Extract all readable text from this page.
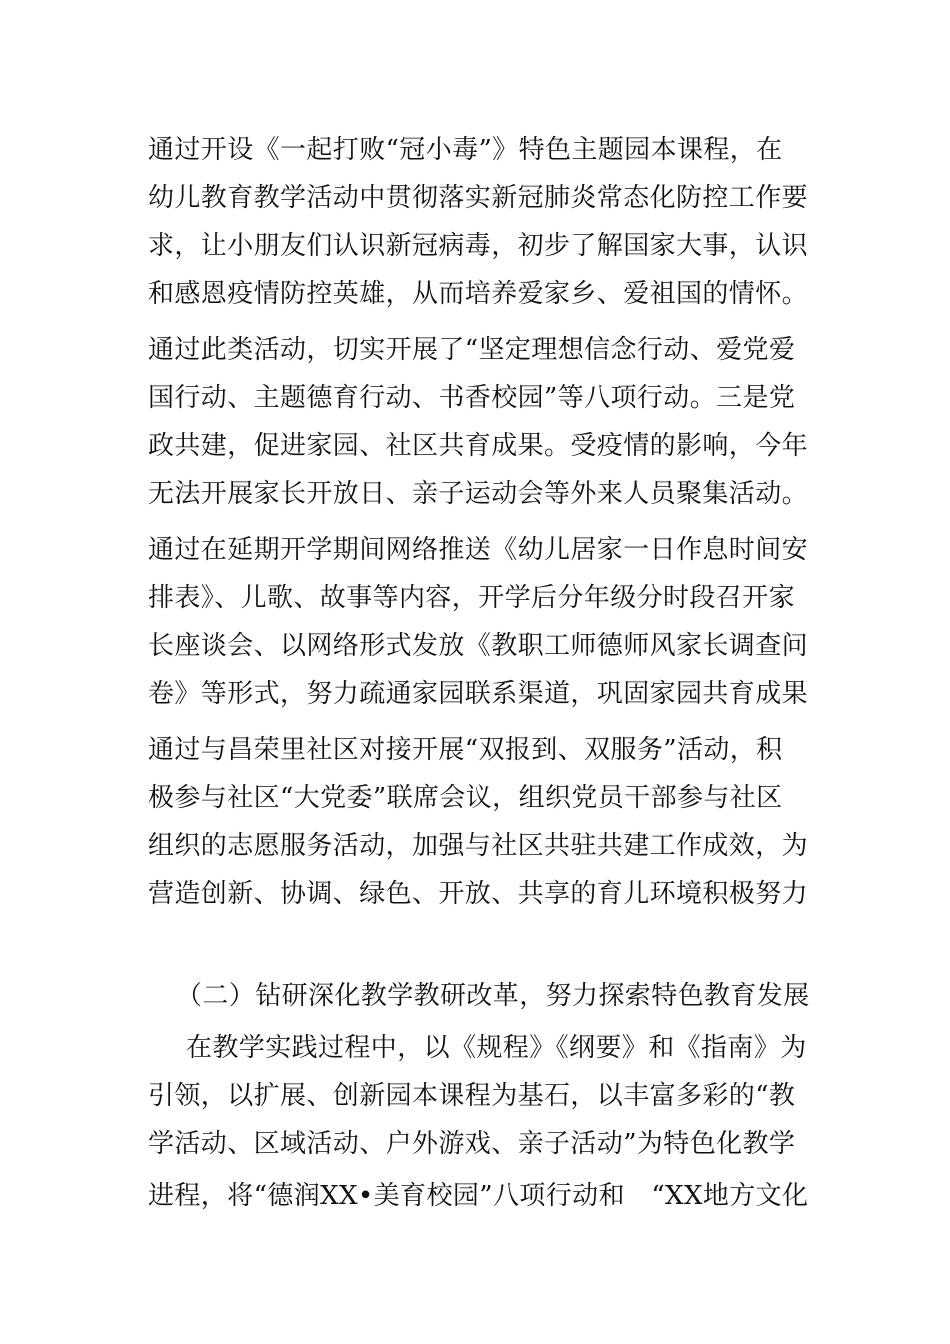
通过开设《一起打败“冠小毒”》特色主题园本课程，在
幼儿教育教学活动中贯彻落实新冠肺炎常态化防控工作要
求，让小朋友们认识新冠病毒，初步了解国家大事，认识
和感恩疫情防控英雄，从而培养爱家乡、爱祖国的情怀。
通过此类活动，切实开展了“坚定理想信念行动、爱党爱
国行动、主题德育行动、书香校园”等八项行动。三是党
政共建，促进家园、社区共育成果。受疫情的影响，今年
无法开展家长开放日、亲子运动会等外来人员聚集活动。
通过在延期开学期间网络推送《幼儿居家一日作息时间安
排表》、儿歌、故事等内容，开学后分年级分时段召开家
长座谈会、以网络形式发放《教职工师德师风家长调查问
卷》等形式，努力疏通家园联系渠道，巩固家园共育成果
通过与昌荣里社区对接开展“双报到、双服务”活动，积
极参与社区“大党委”联席会议，组织党员干部参与社区
组织的志愿服务活动，加强与社区共驻共建工作成效，为
营造创新、协调、绿色、开放、共享的育儿环境积极努力
（二）钻研深化教学教研改革，努力探索特色教育发展
在教学实践过程中，以《规程》《纲要》和《指南》为
引领，以扩展、创新园本课程为基石，以丰富多彩的“教
学活动、区域活动、户外游戏、亲子活动”为特色化教学
进程，将“德润XX•美育校园”八项行动和　“XX地方文化
